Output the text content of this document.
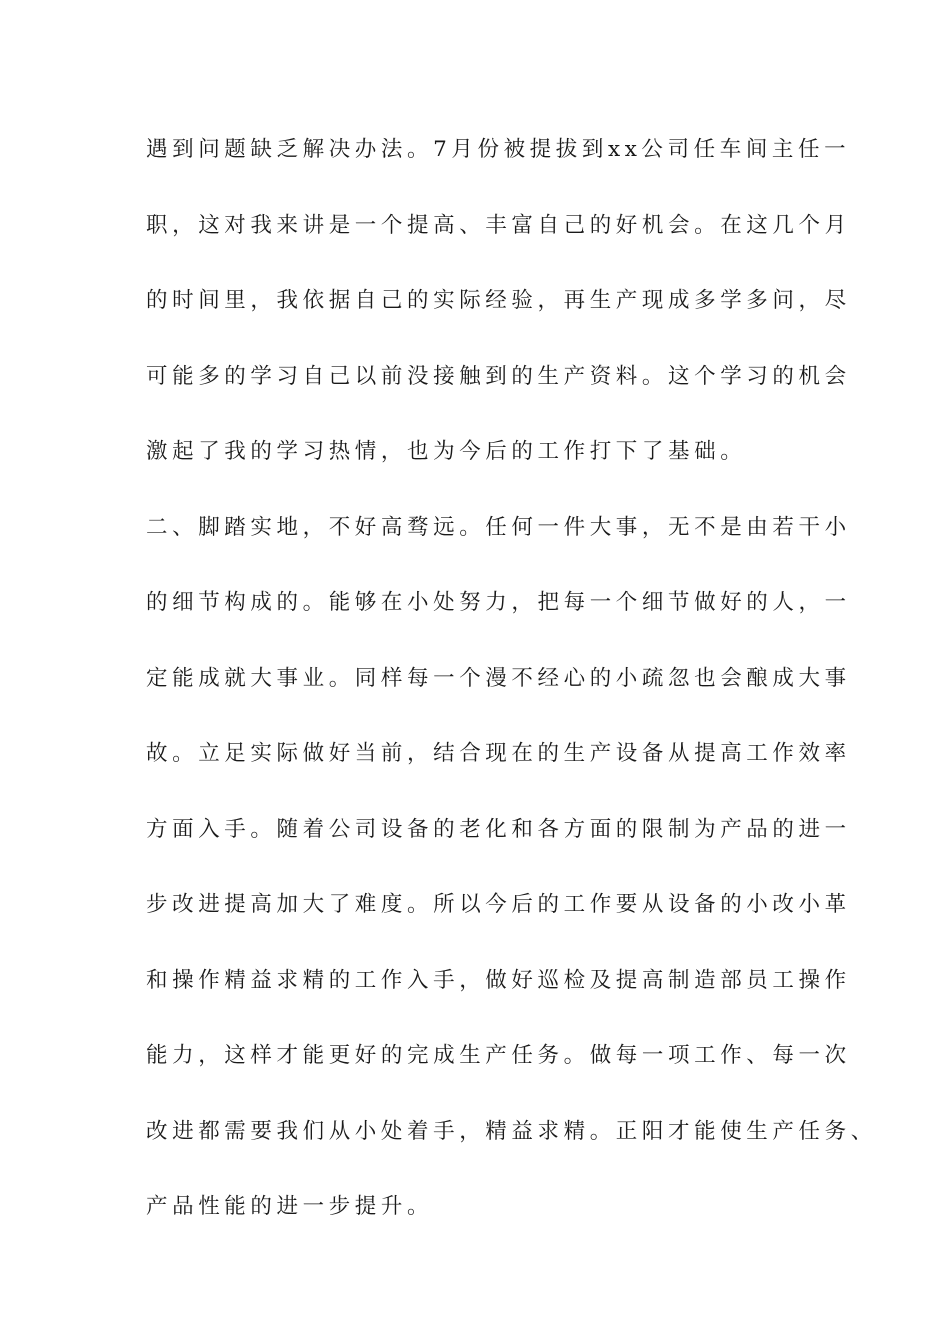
遇到问题缺乏解决办法。7月份被提拔到xx公司任车间主任一
职，这对我来讲是一个提高、丰富自己的好机会。在这几个月
的时间里，我依据自己的实际经验，再生产现成多学多问，尽
可能多的学习自己以前没接触到的生产资料。这个学习的机会
激起了我的学习热情，也为今后的工作打下了基础。
二、脚踏实地，不好高骛远。任何一件大事，无不是由若干小
的细节构成的。能够在小处努力，把每一个细节做好的人，一
定能成就大事业。同样每一个漫不经心的小疏忽也会酿成大事
故。立足实际做好当前，结合现在的生产设备从提高工作效率
方面入手。随着公司设备的老化和各方面的限制为产品的进一
步改进提高加大了难度。所以今后的工作要从设备的小改小革
和操作精益求精的工作入手，做好巡检及提高制造部员工操作
能力，这样才能更好的完成生产任务。做每一项工作、每一次
改进都需要我们从小处着手，精益求精。正阳才能使生产任务、
产品性能的进一步提升。
